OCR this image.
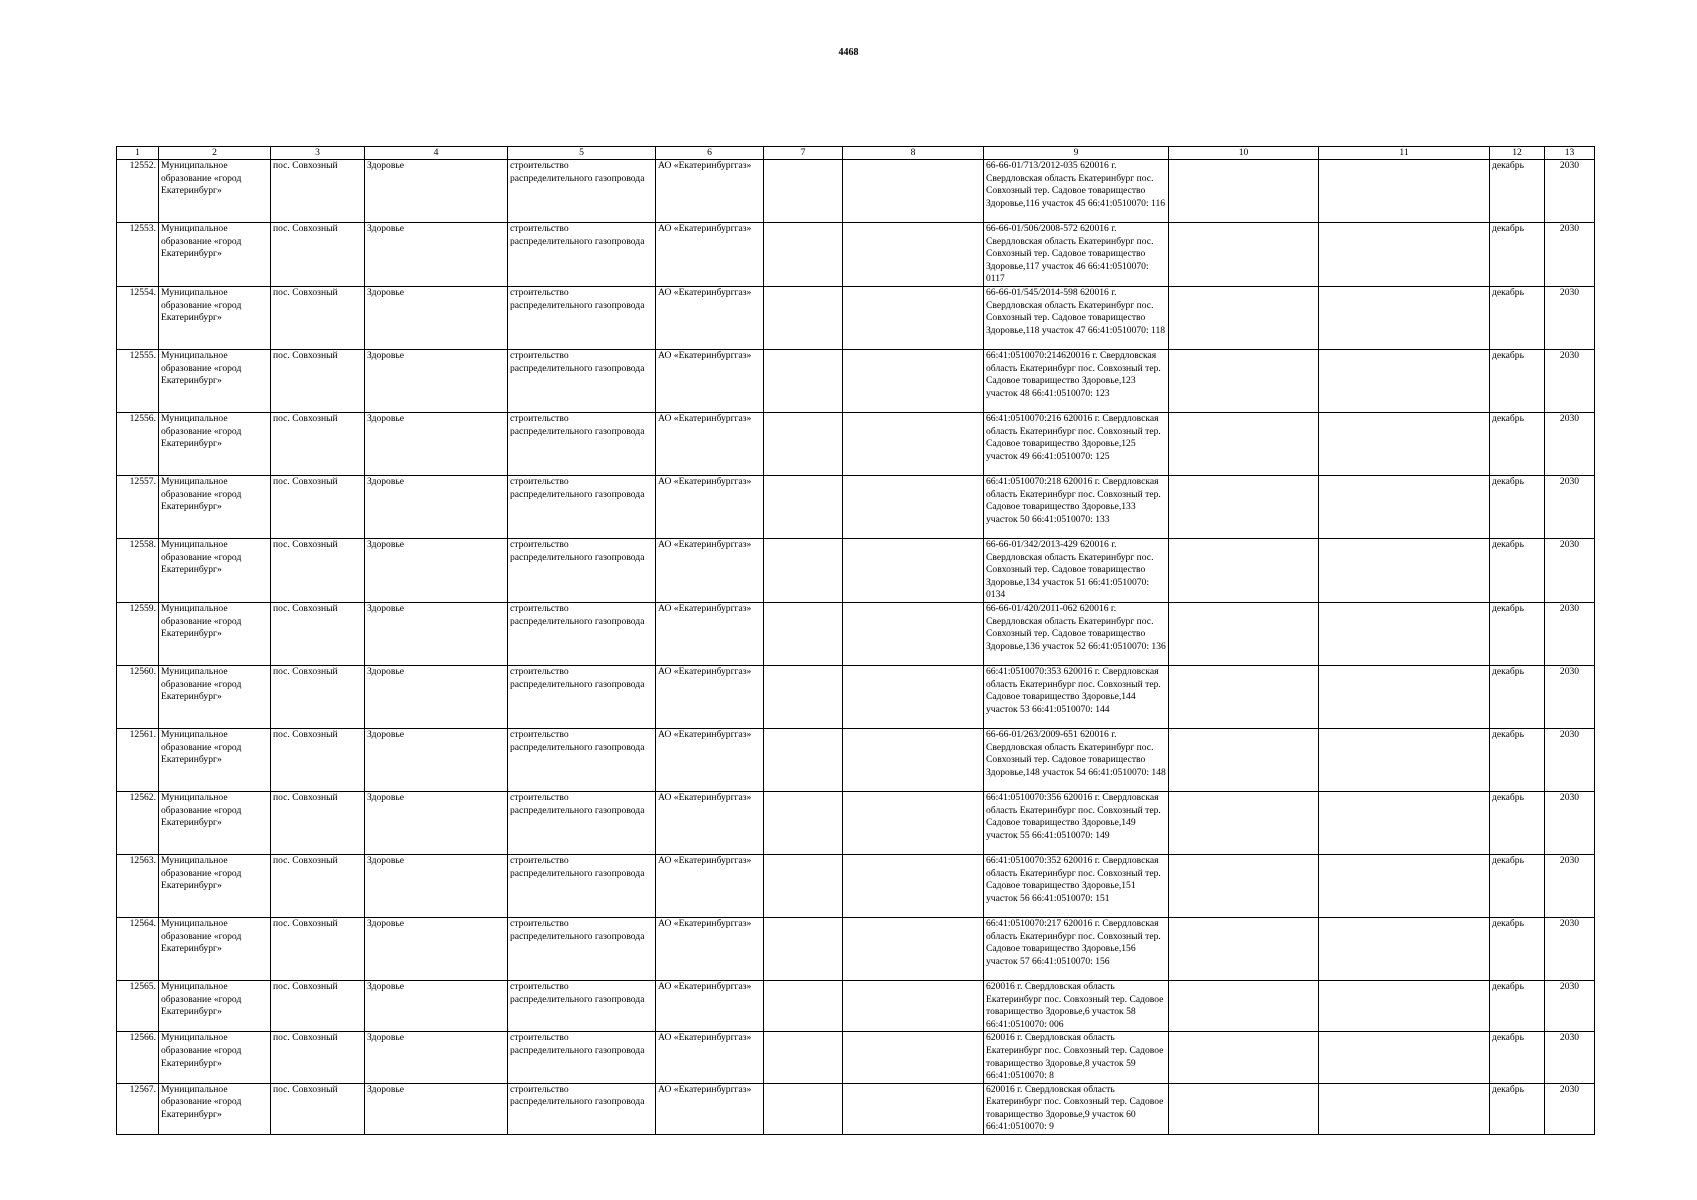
4468
1	2	3	4	5	6	7	8	9	10	11	12	13
12552.	Муниципальное образование «город Екатеринбург»	пос. Совхозный	Здоровье	строительство распределительного газопровода	АО «Екатеринбурггаз»			66-66-01/713/2012-035 620016 г. Свердловская область Екатеринбург пос. Совхозный тер. Садовое товарищество Здоровье,116 участок 45 66:41:0510070: 116			декабрь	2030
12553.	Муниципальное образование «город Екатеринбург»	пос. Совхозный	Здоровье	строительство распределительного газопровода	АО «Екатеринбурггаз»			66-66-01/506/2008-572 620016 г. Свердловская область Екатеринбург пос. Совхозный тер. Садовое товарищество Здоровье,117 участок 46 66:41:0510070: 0117			декабрь	2030
12554.	Муниципальное образование «город Екатеринбург»	пос. Совхозный	Здоровье	строительство распределительного газопровода	АО «Екатеринбурггаз»			66-66-01/545/2014-598 620016 г. Свердловская область Екатеринбург пос. Совхозный тер. Садовое товарищество Здоровье,118 участок 47 66:41:0510070: 118			декабрь	2030
12555.	Муниципальное образование «город Екатеринбург»	пос. Совхозный	Здоровье	строительство распределительного газопровода	АО «Екатеринбурггаз»			66:41:0510070:214620016 г. Свердловская область Екатеринбург пос. Совхозный тер. Садовое товарищество Здоровье,123 участок 48 66:41:0510070: 123			декабрь	2030
12556.	Муниципальное образование «город Екатеринбург»	пос. Совхозный	Здоровье	строительство распределительного газопровода	АО «Екатеринбурггаз»			66:41:0510070:216 620016 г. Свердловская область Екатеринбург пос. Совхозный тер. Садовое товарищество Здоровье,125 участок 49 66:41:0510070: 125			декабрь	2030
12557.	Муниципальное образование «город Екатеринбург»	пос. Совхозный	Здоровье	строительство распределительного газопровода	АО «Екатеринбурггаз»			66:41:0510070:218 620016 г. Свердловская область Екатеринбург пос. Совхозный тер. Садовое товарищество Здоровье,133 участок 50 66:41:0510070: 133			декабрь	2030
12558.	Муниципальное образование «город Екатеринбург»	пос. Совхозный	Здоровье	строительство распределительного газопровода	АО «Екатеринбурггаз»			66-66-01/342/2013-429 620016 г. Свердловская область Екатеринбург пос. Совхозный тер. Садовое товарищество Здоровье,134 участок 51 66:41:0510070: 0134			декабрь	2030
12559.	Муниципальное образование «город Екатеринбург»	пос. Совхозный	Здоровье	строительство распределительного газопровода	АО «Екатеринбурггаз»			66-66-01/420/2011-062 620016 г. Свердловская область Екатеринбург пос. Совхозный тер. Садовое товарищество Здоровье,136 участок 52 66:41:0510070: 136			декабрь	2030
12560.	Муниципальное образование «город Екатеринбург»	пос. Совхозный	Здоровье	строительство распределительного газопровода	АО «Екатеринбурггаз»			66:41:0510070:353 620016 г. Свердловская область Екатеринбург пос. Совхозный тер. Садовое товарищество Здоровье,144 участок 53 66:41:0510070: 144			декабрь	2030
12561.	Муниципальное образование «город Екатеринбург»	пос. Совхозный	Здоровье	строительство распределительного газопровода	АО «Екатеринбурггаз»			66-66-01/263/2009-651 620016 г. Свердловская область Екатеринбург пос. Совхозный тер. Садовое товарищество Здоровье,148 участок 54 66:41:0510070: 148			декабрь	2030
12562.	Муниципальное образование «город Екатеринбург»	пос. Совхозный	Здоровье	строительство распределительного газопровода	АО «Екатеринбурггаз»			66:41:0510070:356 620016 г. Свердловская область Екатеринбург пос. Совхозный тер. Садовое товарищество Здоровье,149 участок 55 66:41:0510070: 149			декабрь	2030
12563.	Муниципальное образование «город Екатеринбург»	пос. Совхозный	Здоровье	строительство распределительного газопровода	АО «Екатеринбурггаз»			66:41:0510070:352 620016 г. Свердловская область Екатеринбург пос. Совхозный тер. Садовое товарищество Здоровье,151 участок 56 66:41:0510070: 151			декабрь	2030
12564.	Муниципальное образование «город Екатеринбург»	пос. Совхозный	Здоровье	строительство распределительного газопровода	АО «Екатеринбурггаз»			66:41:0510070:217 620016 г. Свердловская область Екатеринбург пос. Совхозный тер. Садовое товарищество Здоровье,156 участок 57 66:41:0510070: 156			декабрь	2030
12565.	Муниципальное образование «город Екатеринбург»	пос. Совхозный	Здоровье	строительство распределительного газопровода	АО «Екатеринбурггаз»			620016 г. Свердловская область Екатеринбург пос. Совхозный тер. Садовое товарищество Здоровье,6 участок 58 66:41:0510070: 006			декабрь	2030
12566.	Муниципальное образование «город Екатеринбург»	пос. Совхозный	Здоровье	строительство распределительного газопровода	АО «Екатеринбурггаз»			620016 г. Свердловская область Екатеринбург пос. Совхозный тер. Садовое товарищество Здоровье,8 участок 59 66:41:0510070: 8			декабрь	2030
12567.	Муниципальное образование «город Екатеринбург»	пос. Совхозный	Здоровье	строительство распределительного газопровода	АО «Екатеринбурггаз»			620016 г. Свердловская область Екатеринбург пос. Совхозный тер. Садовое товарищество Здоровье,9 участок 60 66:41:0510070: 9			декабрь	2030
